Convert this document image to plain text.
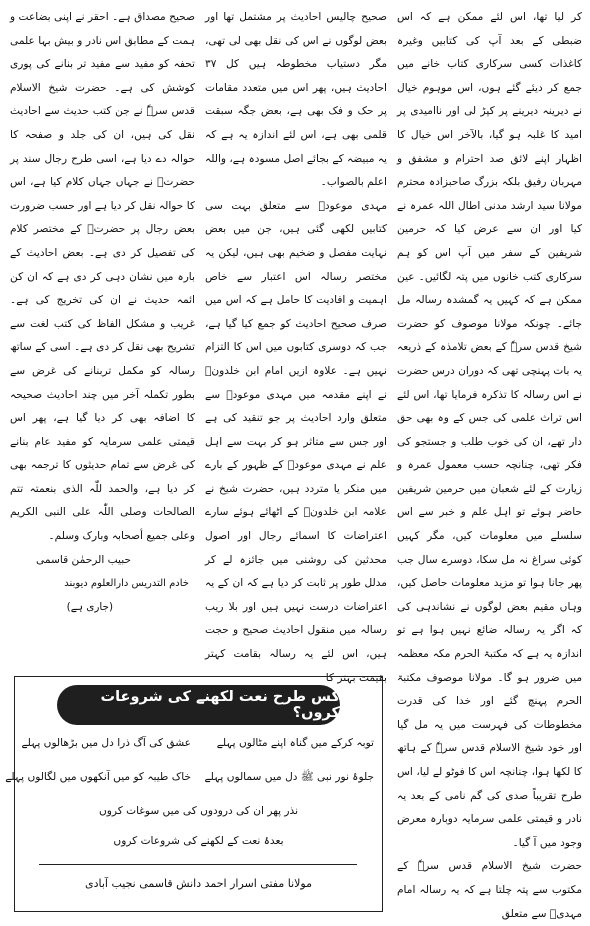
کر لیا تھا، اس لئے ممکن ہے کہ اس ضبطی کے بعد آپ کی کتابیں وغیرہ کاغذات کسی سرکاری کتاب خانے میں جمع کر دیئے گئے ہوں، اس موہوم خیال نے دیرینہ دیرینے پر کپڑ لی اور ناامیدی پر امید کا غلبہ ہو گیا، بالآخر اس خیال کا اظہار اپنے لائق صد احترام و مشفق و مہربان رفیق بلکہ بزرگ صاحبزادہ محترم مولانا سید ارشد مدنی اطال اللہ عمرہ نے کیا اور ان سے عرض کیا کہ حرمین شریفین کے سفر میں آپ اس کو ہم سرکاری کتب خانوں میں پتہ لگائیں۔ عین ممکن ہے کہ کہیں یہ گمشدہ رسالہ مل جائے۔ چونکہ مولانا موصوف کو حضرت شیخ قدس سرہٗ کے بعض تلامذہ کے ذریعہ یہ بات پہنچی تھی کہ دوران درس حضرت نے اس رسالہ کا تذکرہ فرمایا تھا، اس لئے اس تراث علمی کی جس کے وہ بھی حق دار تھے، ان کی خوب طلب و جستجو کی فکر تھی، چنانچہ حسب معمول عمرہ و زیارت کے لئے شعبان میں حرمین شریفین حاضر ہوئے تو اہل علم و خبر سے اس سلسلے میں معلومات کیں، مگر کہیں کوئی سراغ نہ مل سکا، دوسرے سال جب پھر جانا ہوا تو مزید معلومات حاصل کیں، وہاں مقیم بعض لوگوں نے نشاندہی کی کہ اگر یہ رسالہ ضائع نہیں ہوا ہے تو اندازہ یہ ہے کہ مکتبۃ الحرم مکہ معظمہ میں ضرور ہو گا۔ مولانا موصوف مکتبۃ الحرم پہنچ گئے اور خدا کی قدرت مخطوطات کی فہرست میں یہ مل گیا اور خود شیخ الاسلام قدس سرہٗ کے ہاتھ کا لکھا ہوا، چنانچہ اس کا فوٹو لے لیا، اس طرح تقریباً صدی کی گم نامی کے بعد یہ نادر و قیمتی علمی سرمایہ دوبارہ معرض وجود میں آ گیا۔

حضرت شیخ الاسلام قدس سرہٗ کے مکتوب سے پتہ چلتا ہے کہ یہ رسالہ امام مہدیؑ سے متعلق

صحیح چالیس احادیث پر مشتمل تھا اور بعض لوگوں نے اس کی نقل بھی لی تھی، مگر دستیاب مخطوطہ ہیں کل ۳۷ احادیث ہیں، پھر اس میں متعدد مقامات پر حک و فک بھی ہے، بعض جگہ سبقت قلمی بھی ہے، اس لئے اندازہ یہ ہے کہ یہ مبیضہ کے بجائے اصل مسودہ ہے، واللہ اعلم بالصواب۔

مہدی موعودؑ سے متعلق بہت سی کتابیں لکھی گئی ہیں، جن میں بعض نہایت مفصل و ضخیم بھی ہیں، لیکن یہ مختصر رسالہ اس اعتبار سے خاص اہمیت و افادیت کا حامل ہے کہ اس میں صرف صحیح احادیث کو جمع کیا گیا ہے، جب کہ دوسری کتابوں میں اس کا التزام نہیں ہے۔ علاوہ ازیں امام ابن خلدونؒ نے اپنے مقدمہ میں مہدی موعودؑ سے متعلق وارد احادیث پر جو تنقید کی ہے اور جس سے متاثر ہو کر بہت سے اہل علم نے مہدی موعودؑ کے ظہور کے بارے میں منکر یا متردد ہیں، حضرت شیخ نے علامہ ابن خلدونؒ کے اٹھائے ہوئے سارے اعتراضات کا اسمائے رجال اور اصول محدثین کی روشنی میں جائزہ لے کر مدلل طور پر ثابت کر دیا ہے کہ ان کے یہ اعتراضات درست نہیں ہیں اور بلا ریب رسالہ میں منقول احادیث صحیح و حجت ہیں، اس لئے یہ رسالہ بقامت کہتر بقیمت بہتر کا

صحیح مصداق ہے۔ احقر نے اپنی بضاعت و ہمت کے مطابق اس نادر و بیش بہا علمی تحفہ کو مفید سے مفید تر بنانے کی پوری کوشش کی ہے۔ حضرت شیخ الاسلام قدس سرہٗ نے جن کتب حدیث سے احادیث نقل کی ہیں، ان کی جلد و صفحہ کا حوالہ دے دیا ہے، اسی طرح رجال سند پر حضرتؒ نے جہاں جہاں کلام کیا ہے، اس کا حوالہ نقل کر دیا ہے اور حسب ضرورت بعض رجال پر حضرتؒ کے مختصر کلام کی تفصیل کر دی ہے۔ بعض احادیث کے بارہ میں نشان دہی کر دی ہے کہ ان کن ائمہ حدیث نے ان کی تخریج کی ہے۔ غریب و مشکل الفاظ کی کتب لغت سے تشریح بھی نقل کر دی ہے۔ اسی کے ساتھ رسالہ کو مکمل تربنانے کی غرض سے بطور تکملہ آخر میں چند احادیث صحیحہ کا اضافہ بھی کر دیا گیا ہے، پھر اس قیمتی علمی سرمایہ کو مفید عام بنانے کی غرض سے تمام حدیثوں کا ترجمہ بھی کر دیا ہے، والحمد للّٰہ الذی بنعمتہ تتم الصالحات وصلی اللّٰہ علی النبی الکریم وعلی جمیع أصحابہ وبارک وسلم۔

حبیب الرحمٰن قاسمی

خادم التدریس دارالعلوم دیوبند

(جاری ہے)

کس طرح نعت لکھنے کی شروعات کروں؟
توبہ کرکے میں گناہ اپنے مٹالوں پہلے
عشق کی آگ ذرا دل میں بڑھالوں پہلے
جلوۂ نور نبی ﷺ دل میں سمالوں پہلے
خاک طیبہ کو میں آنکھوں میں لگالوں پہلے
نذر پھر ان کی درودوں کی میں سوغات کروں
بعدۂ نعت کے لکھنے کی شروعات کروں
مولانا مفتی اسرار احمد دانش قاسمی نجیب آبادی
